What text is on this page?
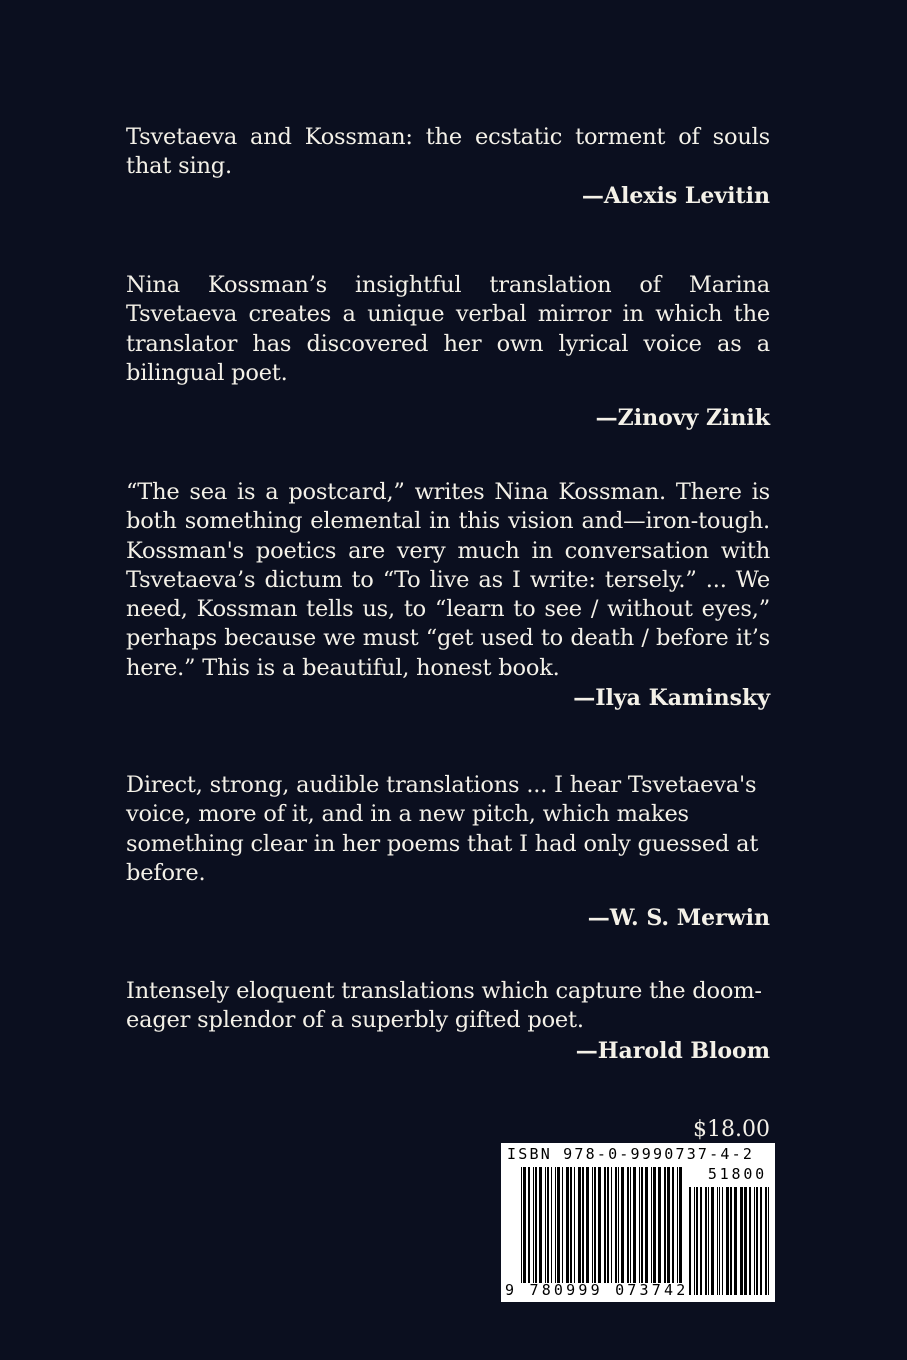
Tsvetaeva and Kossman: the ecstatic torment of souls that sing.

—Alexis Levitin

Nina Kossman’s insightful translation of Marina Tsvetaeva creates a unique verbal mirror in which the translator has discovered her own lyrical voice as a bilingual poet.

—Zinovy Zinik

“The sea is a postcard,” writes Nina Kossman. There is both something elemental in this vision and—iron-tough. Kossman's poetics are very much in conversation with Tsvetaeva’s dictum to “To live as I write: tersely.” ... We need, Kossman tells us, to “learn to see / without eyes,” perhaps because we must “get used to death / before it’s here.” This is a beautiful, honest book.

—Ilya Kaminsky

Direct, strong, audible translations ... I hear Tsvetaeva's voice, more of it, and in a new pitch, which makes something clear in her poems that I had only guessed at before.

—W. S. Merwin

Intensely eloquent translations which capture the doom-eager splendor of a superbly gifted poet.

—Harold Bloom

$18.00
ISBN 978-0-9990737-4-2
51800
9 780999 073742
